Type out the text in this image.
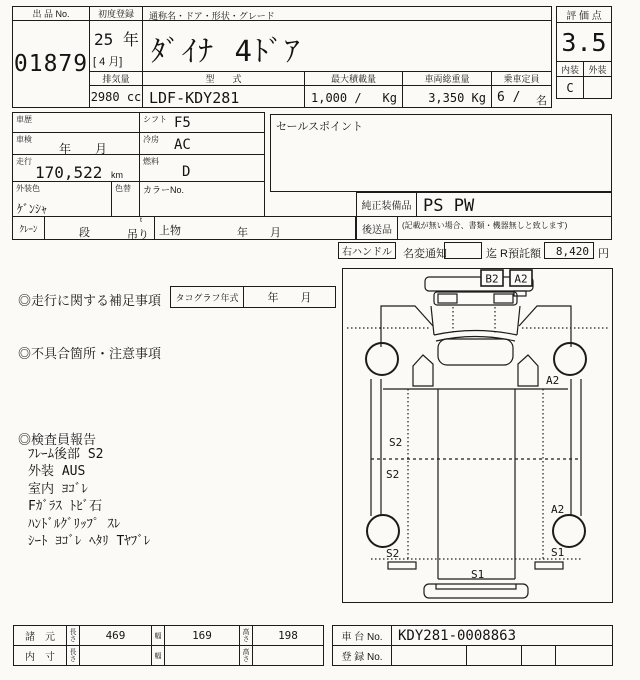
出 品 No.
01879
初度登録
25 年
[ 4 月]
通称名・ドア・形状・グレード
ﾀﾞｲﾅ 4ﾄﾞｱ
排気量
2980 cc
型　　式
LDF-KDY281
最大積載量
1,000 / Kg
車両総重量
3,350 Kg
乗車定員
6 / 名
評 価 点
3.5
内装	外装
C
車歴	シフト F5
車検
年　　月
冷房 AC
走行
170,522 km
燃料
D
外装色
ｹﾞﾝｼｬ
色替 カラーNo.
ｸﾚｰﾝ	段
t
吊り 上物	年　　月
セールスポイント
純正装備品 PS PW
後送品	(記載が無い場合、書類・機器無しと致します)
右ハンドル	名変通知	迄 R預託額	8,420 円
◎走行に関する補足事項	タコグラフ年式	年　　月
◎不具合箇所・注意事項
◎検査員報告
ﾌﾚｰﾑ後部 S2
外装 AUS
室内 ﾖｺﾞﾚ
Fｶﾞﾗｽ ﾄﾋﾞ石
ﾊﾝﾄﾞﾙｸﾞﾘｯﾌﾟ ｽﾚ
ｼｰﾄ ﾖｺﾞﾚ ﾍﾀﾘ Tﾔﾌﾞﾚ
B2 A2
A2
S2
S2
A2
S2	S1
S1
諸　元	長さ	469	幅	169	高さ	198
内　寸	長さ	幅	高さ
車 台 No.	KDY281-0008863
登 録 No.
